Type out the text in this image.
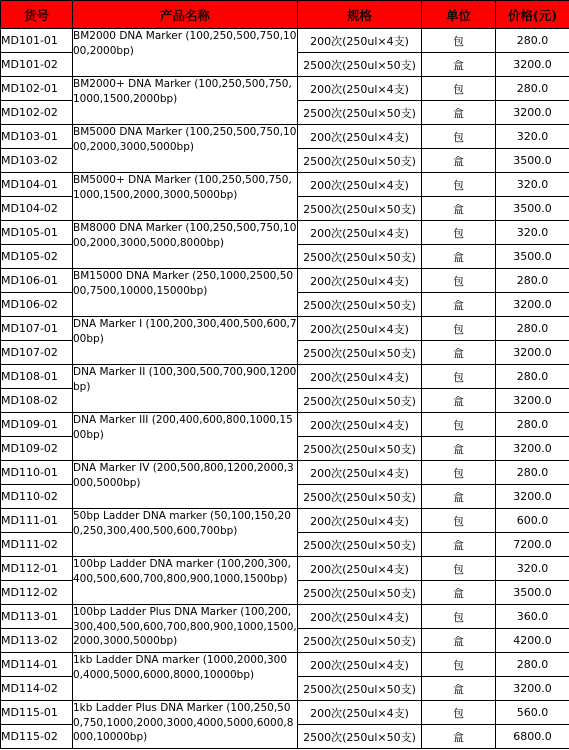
货号	产品名称	规格	单位	价格(元)
MD101-01	BM2000 DNA Marker (100,250,500,750,1000,2000bp)	200次(250ul×4支)	包	280.0
MD101-02		2500次(250ul×50支)	盒	3200.0
MD102-01	BM2000+ DNA Marker (100,250,500,750,1000,1500,2000bp)	200次(250ul×4支)	包	280.0
MD102-02		2500次(250ul×50支)	盒	3200.0
MD103-01	BM5000 DNA Marker (100,250,500,750,1000,2000,3000,5000bp)	200次(250ul×4支)	包	320.0
MD103-02		2500次(250ul×50支)	盒	3500.0
MD104-01	BM5000+ DNA Marker (100,250,500,750,1000,1500,2000,3000,5000bp)	200次(250ul×4支)	包	320.0
MD104-02		2500次(250ul×50支)	盒	3500.0
MD105-01	BM8000 DNA Marker (100,250,500,750,1000,2000,3000,5000,8000bp)	200次(250ul×4支)	包	320.0
MD105-02		2500次(250ul×50支)	盒	3500.0
MD106-01	BM15000 DNA Marker (250,1000,2500,5000,7500,10000,15000bp)	200次(250ul×4支)	包	280.0
MD106-02		2500次(250ul×50支)	盒	3200.0
MD107-01	DNA Marker I (100,200,300,400,500,600,700bp)	200次(250ul×4支)	包	280.0
MD107-02		2500次(250ul×50支)	盒	3200.0
MD108-01	DNA Marker II (100,300,500,700,900,1200bp)	200次(250ul×4支)	包	280.0
MD108-02		2500次(250ul×50支)	盒	3200.0
MD109-01	DNA Marker III (200,400,600,800,1000,1500bp)	200次(250ul×4支)	包	280.0
MD109-02		2500次(250ul×50支)	盒	3200.0
MD110-01	DNA Marker IV (200,500,800,1200,2000,3000,5000bp)	200次(250ul×4支)	包	280.0
MD110-02		2500次(250ul×50支)	盒	3200.0
MD111-01	50bp Ladder DNA marker (50,100,150,200,250,300,400,500,600,700bp)	200次(250ul×4支)	包	600.0
MD111-02		2500次(250ul×50支)	盒	7200.0
MD112-01	100bp Ladder DNA marker (100,200,300,400,500,600,700,800,900,1000,1500bp)	200次(250ul×4支)	包	320.0
MD112-02		2500次(250ul×50支)	盒	3500.0
MD113-01	100bp Ladder Plus DNA Marker (100,200,300,400,500,600,700,800,900,1000,1500,2000,3000,5000bp)	200次(250ul×4支)	包	360.0
MD113-02		2500次(250ul×50支)	盒	4200.0
MD114-01	1kb Ladder DNA marker (1000,2000,3000,4000,5000,6000,8000,10000bp)	200次(250ul×4支)	包	280.0
MD114-02		2500次(250ul×50支)	盒	3200.0
MD115-01	1kb Ladder Plus DNA Marker (100,250,500,750,1000,2000,3000,4000,5000,6000,8000,10000bp)	200次(250ul×4支)	包	560.0
MD115-02		2500次(250ul×50支)	盒	6800.0
